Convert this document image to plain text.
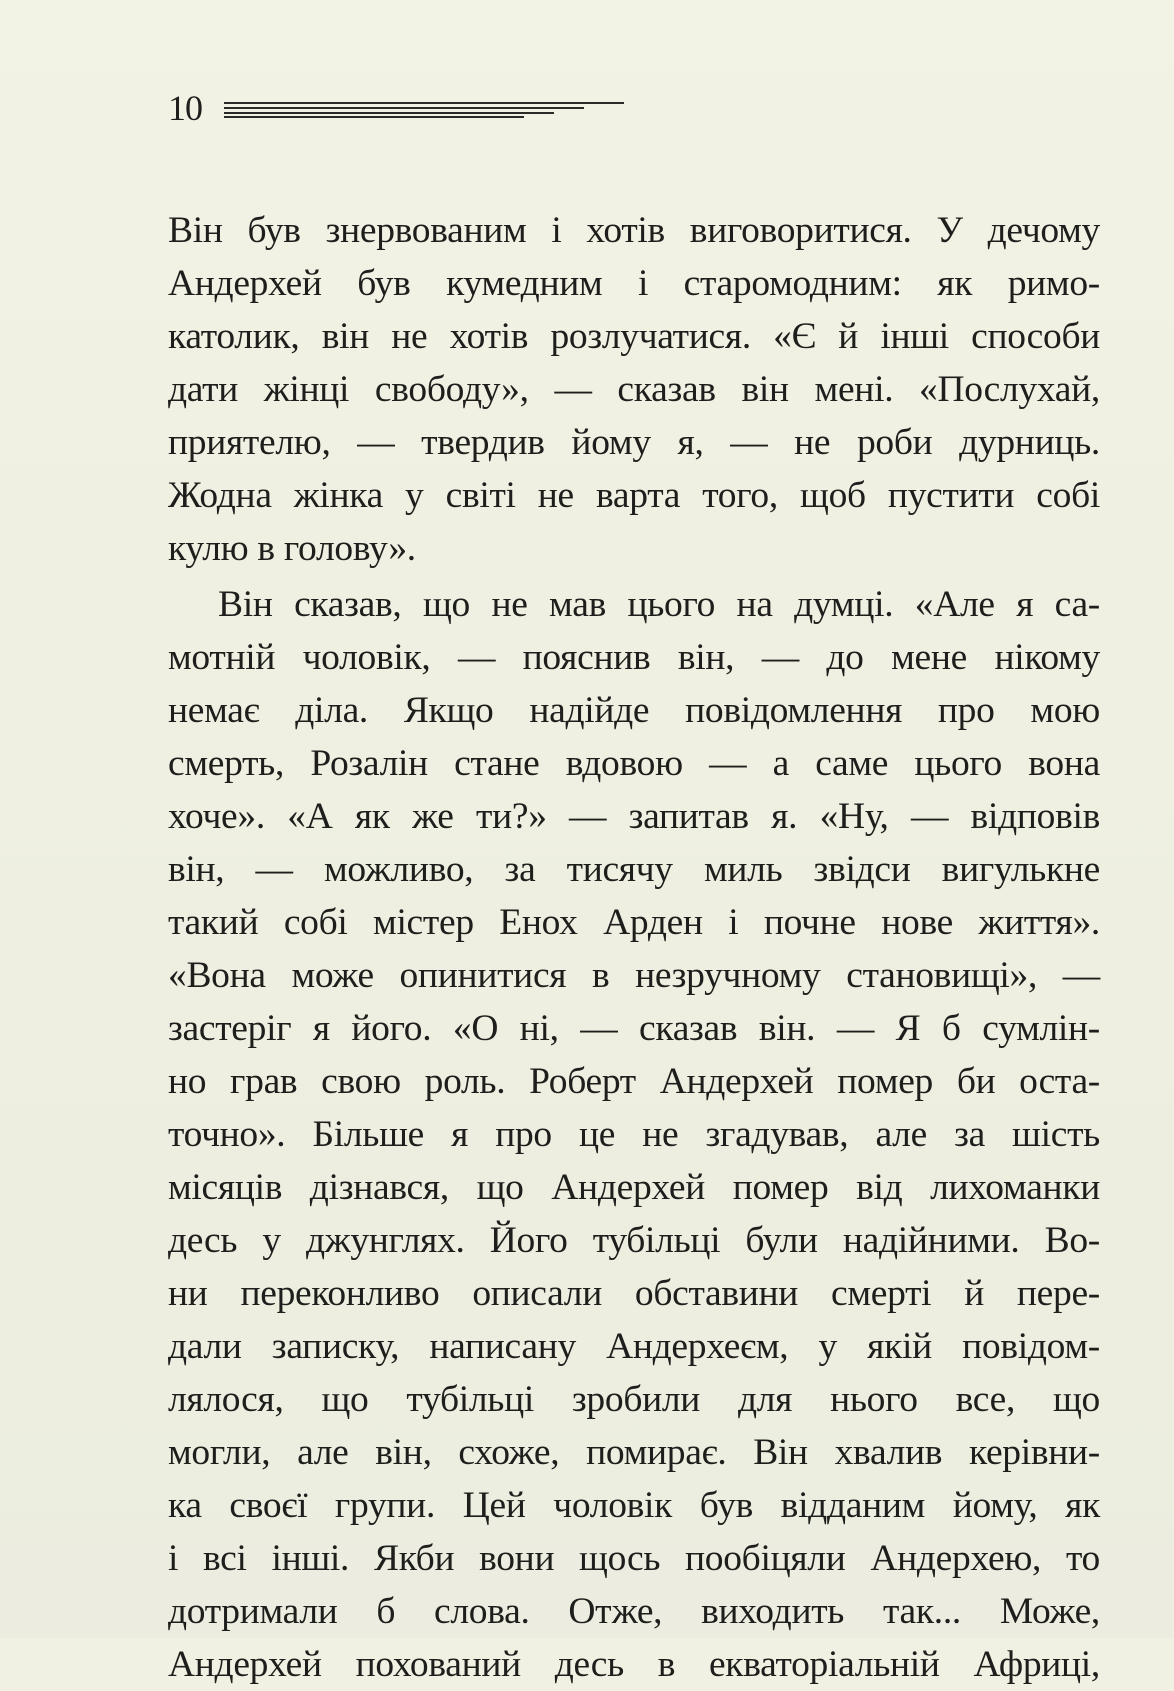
10
Він був знервованим і хотів виговоритися. У дечому
Андерхей був кумедним і старомодним: як римо-
католик, він не хотів розлучатися. «Є й інші способи
дати жінці свободу», — сказав він мені. «Послухай,
приятелю, — твердив йому я, — не роби дурниць.
Жодна жінка у світі не варта того, щоб пустити собі
кулю в голову».
Він сказав, що не мав цього на думці. «Але я са-
мотній чоловік, — пояснив він, — до мене нікому
немає діла. Якщо надійде повідомлення про мою
смерть, Розалін стане вдовою — а саме цього вона
хоче». «А як же ти?» — запитав я. «Ну, — відповів
він, — можливо, за тисячу миль звідси вигулькне
такий собі містер Енох Арден і почне нове життя».
«Вона може опинитися в незручному становищі», —
застеріг я його. «О ні, — сказав він. — Я б сумлін-
но грав свою роль. Роберт Андерхей помер би оста-
точно». Більше я про це не згадував, але за шість
місяців дізнався, що Андерхей помер від лихоманки
десь у джунглях. Його тубільці були надійними. Во-
ни переконливо описали обставини смерті й пере-
дали записку, написану Андерхеєм, у якій повідом-
лялося, що тубільці зробили для нього все, що
могли, але він, схоже, помирає. Він хвалив керівни-
ка своєї групи. Цей чоловік був відданим йому, як
і всі інші. Якби вони щось пообіцяли Андерхею, то
дотримали б слова. Отже, виходить так... Може,
Андерхей похований десь в екваторіальній Африці,
